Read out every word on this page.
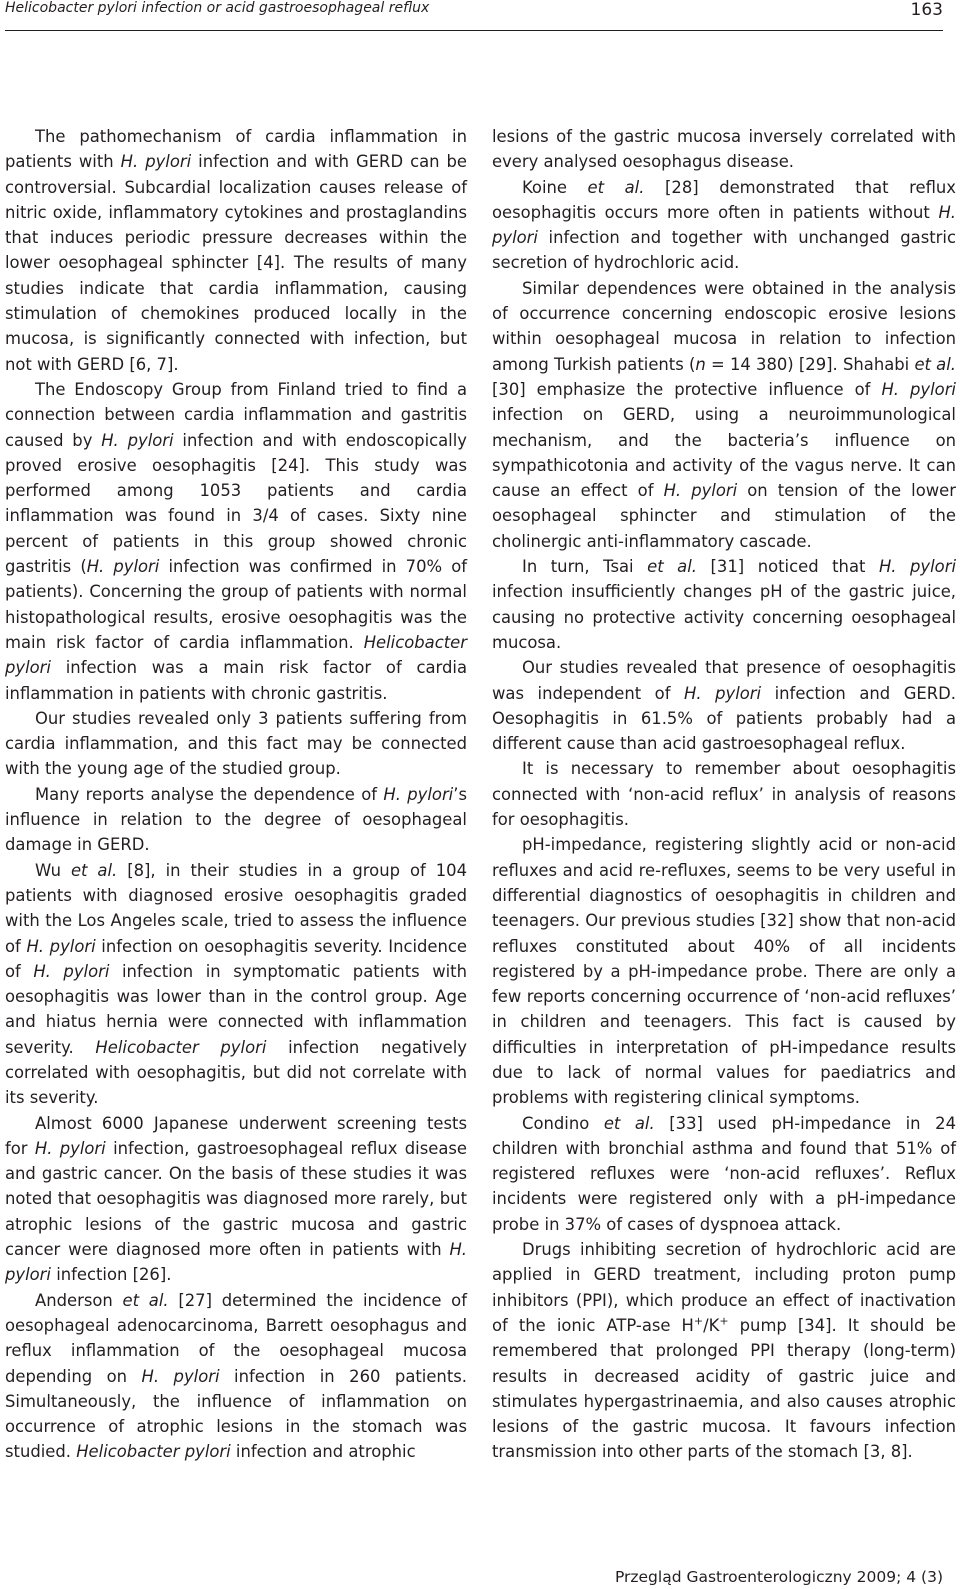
Helicobacter pylori infection or acid gastroesophageal reflux	163

The pathomechanism of cardia inflammation in patients with H. pylori infection and with GERD can be controversial. Subcardial localization causes release of nitric oxide, inflammatory cytokines and prostaglandins that induces periodic pressure decreases within the lower oesophageal sphincter [4]. The results of many studies indicate that cardia inflammation, causing stimulation of chemokines produced locally in the mucosa, is significantly connected with infection, but not with GERD [6, 7].

The Endoscopy Group from Finland tried to find a connection between cardia inflammation and gastritis caused by H. pylori infection and with endoscopically proved erosive oesophagitis [24]. This study was performed among 1053 patients and cardia inflammation was found in 3/4 of cases. Sixty nine percent of patients in this group showed chronic gastritis (H. pylori infection was confirmed in 70% of patients). Concerning the group of patients with normal histopathological results, erosive oesophagitis was the main risk factor of cardia inflammation. Helicobacter pylori infection was a main risk factor of cardia inflammation in patients with chronic gastritis.

Our studies revealed only 3 patients suffering from cardia inflammation, and this fact may be connected with the young age of the studied group.

Many reports analyse the dependence of H. pylori’s influence in relation to the degree of oesophageal damage in GERD.

Wu et al. [8], in their studies in a group of 104 patients with diagnosed erosive oesophagitis graded with the Los Angeles scale, tried to assess the influence of H. pylori infection on oesophagitis severity. Incidence of H. pylori infection in symptomatic patients with oesophagitis was lower than in the control group. Age and hiatus hernia were connected with inflammation severity. Helicobacter pylori infection negatively correlated with oesophagitis, but did not correlate with its severity.

Almost 6000 Japanese underwent screening tests for H. pylori infection, gastroesophageal reflux disease and gastric cancer. On the basis of these studies it was noted that oesophagitis was diagnosed more rarely, but atrophic lesions of the gastric mucosa and gastric cancer were diagnosed more often in patients with H. pylori infection [26].

Anderson et al. [27] determined the incidence of oesophageal adenocarcinoma, Barrett oesophagus and reflux inflammation of the oesophageal mucosa depending on H. pylori infection in 260 patients. Simultaneously, the influence of inflammation on occurrence of atrophic lesions in the stomach was studied. Helicobacter pylori infection and atrophic

lesions of the gastric mucosa inversely correlated with every analysed oesophagus disease.

Koine et al. [28] demonstrated that reflux oesophagitis occurs more often in patients without H. pylori infection and together with unchanged gastric secretion of hydrochloric acid.

Similar dependences were obtained in the analysis of occurrence concerning endoscopic erosive lesions within oesophageal mucosa in relation to infection among Turkish patients (n = 14 380) [29]. Shahabi et al. [30] emphasize the protective influence of H. pylori infection on GERD, using a neuroimmunological mechanism, and the bacteria’s influence on sympathicotonia and activity of the vagus nerve. It can cause an effect of H. pylori on tension of the lower oesophageal sphincter and stimulation of the cholinergic anti-inflammatory cascade.

In turn, Tsai et al. [31] noticed that H. pylori infection insufficiently changes pH of the gastric juice, causing no protective activity concerning oesophageal mucosa.

Our studies revealed that presence of oesophagitis was independent of H. pylori infection and GERD. Oesophagitis in 61.5% of patients probably had a different cause than acid gastroesophageal reflux.

It is necessary to remember about oesophagitis connected with ‘non-acid reflux’ in analysis of reasons for oesophagitis.

pH-impedance, registering slightly acid or non-acid refluxes and acid re-refluxes, seems to be very useful in differential diagnostics of oesophagitis in children and teenagers. Our previous studies [32] show that non-acid refluxes constituted about 40% of all incidents registered by a pH-impedance probe. There are only a few reports concerning occurrence of ‘non-acid refluxes’ in children and teenagers. This fact is caused by difficulties in interpretation of pH-impedance results due to lack of normal values for paediatrics and problems with registering clinical symptoms.

Condino et al. [33] used pH-impedance in 24 children with bronchial asthma and found that 51% of registered refluxes were ‘non-acid refluxes’. Reflux incidents were registered only with a pH-impedance probe in 37% of cases of dyspnoea attack.

Drugs inhibiting secretion of hydrochloric acid are applied in GERD treatment, including proton pump inhibitors (PPI), which produce an effect of inactivation of the ionic ATP-ase H+/K+ pump [34]. It should be remembered that prolonged PPI therapy (long-term) results in decreased acidity of gastric juice and stimulates hypergastrinaemia, and also causes atrophic lesions of the gastric mucosa. It favours infection transmission into other parts of the stomach [3, 8].

Przegląd Gastroenterologiczny 2009; 4 (3)
